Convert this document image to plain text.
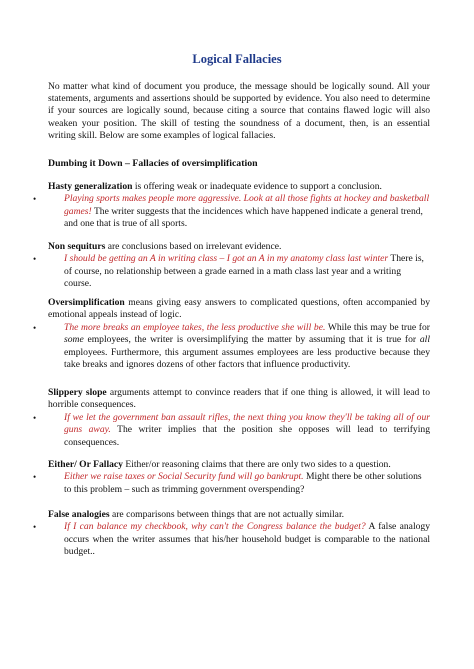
Logical Fallacies
No matter what kind of document you produce, the message should be logically sound. All your statements, arguments and assertions should be supported by evidence. You also need to determine if your sources are logically sound, because citing a source that contains flawed logic will also weaken your position. The skill of testing the soundness of a document, then, is an essential writing skill. Below are some examples of logical fallacies.
Dumbing it Down – Fallacies of oversimplification
Hasty generalization is offering weak or inadequate evidence to support a conclusion.
•	Playing sports makes people more aggressive. Look at all those fights at hockey and basketball games! The writer suggests that the incidences which have happened indicate a general trend, and one that is true of all sports.
Non sequiturs are conclusions based on irrelevant evidence.
•	I should be getting an A in writing class – I got an A in my anatomy class last winter There is, of course, no relationship between a grade earned in a math class last year and a writing course.
Oversimplification means giving easy answers to complicated questions, often accompanied by emotional appeals instead of logic.
•	The more breaks an employee takes, the less productive she will be. While this may be true for some employees, the writer is oversimplifying the matter by assuming that it is true for all employees. Furthermore, this argument assumes employees are less productive because they take breaks and ignores dozens of other factors that influence productivity.
Slippery slope arguments attempt to convince readers that if one thing is allowed, it will lead to horrible consequences.
•	If we let the government ban assault rifles, the next thing you know they'll be taking all of our guns away. The writer implies that the position she opposes will lead to terrifying consequences.
Either/ Or Fallacy Either/or reasoning claims that there are only two sides to a question.
•	Either we raise taxes or Social Security fund will go bankrupt. Might there be other solutions to this problem – such as trimming government overspending?
False analogies are comparisons between things that are not actually similar.
•	If I can balance my checkbook, why can't the Congress balance the budget? A false analogy occurs when the writer assumes that his/her household budget is comparable to the national budget..
